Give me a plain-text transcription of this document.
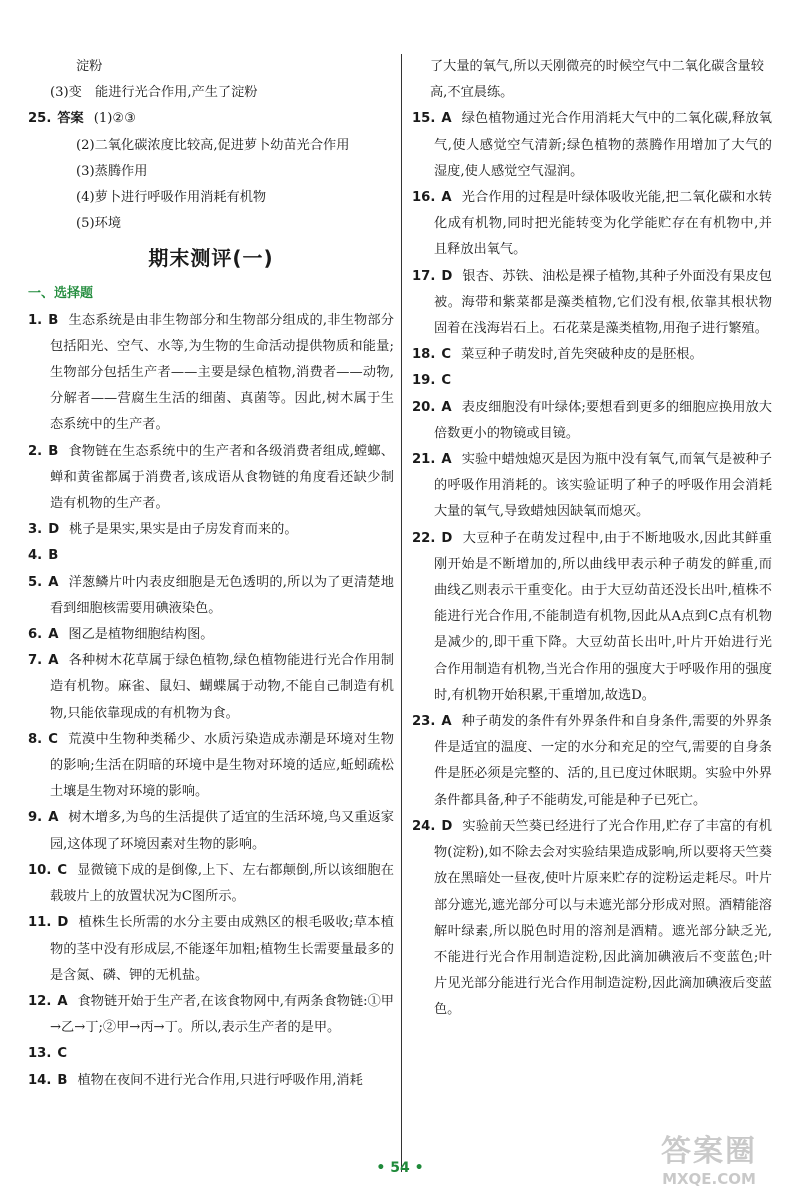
淀粉

(3)变　能进行光合作用,产生了淀粉

25. 答案 (1)②③

(2)二氧化碳浓度比较高,促进萝卜幼苗光合作用

(3)蒸腾作用

(4)萝卜进行呼吸作用消耗有机物

(5)环境

期末测评(一)
一、选择题

1. B 生态系统是由非生物部分和生物部分组成的,非生物部分包括阳光、空气、水等,为生物的生命活动提供物质和能量;生物部分包括生产者——主要是绿色植物,消费者——动物,分解者——营腐生生活的细菌、真菌等。因此,树木属于生态系统中的生产者。

2. B 食物链在生态系统中的生产者和各级消费者组成,螳螂、蝉和黄雀都属于消费者,该成语从食物链的角度看还缺少制造有机物的生产者。

3. D 桃子是果实,果实是由子房发育而来的。

4. B

5. A 洋葱鳞片叶内表皮细胞是无色透明的,所以为了更清楚地看到细胞核需要用碘液染色。

6. A 图乙是植物细胞结构图。

7. A 各种树木花草属于绿色植物,绿色植物能进行光合作用制造有机物。麻雀、鼠妇、蝴蝶属于动物,不能自己制造有机物,只能依靠现成的有机物为食。

8. C 荒漠中生物种类稀少、水质污染造成赤潮是环境对生物的影响;生活在阴暗的环境中是生物对环境的适应,蚯蚓疏松土壤是生物对环境的影响。

9. A 树木增多,为鸟的生活提供了适宜的生活环境,鸟又重返家园,这体现了环境因素对生物的影响。

10. C 显微镜下成的是倒像,上下、左右都颠倒,所以该细胞在载玻片上的放置状况为C图所示。

11. D 植株生长所需的水分主要由成熟区的根毛吸收;草本植物的茎中没有形成层,不能逐年加粗;植物生长需要量最多的是含氮、磷、钾的无机盐。

12. A 食物链开始于生产者,在该食物网中,有两条食物链:①甲→乙→丁;②甲→丙→丁。所以,表示生产者的是甲。

13. C

14. B 植物在夜间不进行光合作用,只进行呼吸作用,消耗

了大量的氧气,所以天刚微亮的时候空气中二氧化碳含量较高,不宜晨练。

15. A 绿色植物通过光合作用消耗大气中的二氧化碳,释放氧气,使人感觉空气清新;绿色植物的蒸腾作用增加了大气的湿度,使人感觉空气湿润。

16. A 光合作用的过程是叶绿体吸收光能,把二氧化碳和水转化成有机物,同时把光能转变为化学能贮存在有机物中,并且释放出氧气。

17. D 银杏、苏铁、油松是裸子植物,其种子外面没有果皮包被。海带和紫菜都是藻类植物,它们没有根,依靠其根状物固着在浅海岩石上。石花菜是藻类植物,用孢子进行繁殖。

18. C 菜豆种子萌发时,首先突破种皮的是胚根。

19. C

20. A 表皮细胞没有叶绿体;要想看到更多的细胞应换用放大倍数更小的物镜或目镜。

21. A 实验中蜡烛熄灭是因为瓶中没有氧气,而氧气是被种子的呼吸作用消耗的。该实验证明了种子的呼吸作用会消耗大量的氧气,导致蜡烛因缺氧而熄灭。

22. D 大豆种子在萌发过程中,由于不断地吸水,因此其鲜重刚开始是不断增加的,所以曲线甲表示种子萌发的鲜重,而曲线乙则表示干重变化。由于大豆幼苗还没长出叶,植株不能进行光合作用,不能制造有机物,因此从A点到C点有机物是减少的,即干重下降。大豆幼苗长出叶,叶片开始进行光合作用制造有机物,当光合作用的强度大于呼吸作用的强度时,有机物开始积累,干重增加,故选D。

23. A 种子萌发的条件有外界条件和自身条件,需要的外界条件是适宜的温度、一定的水分和充足的空气,需要的自身条件是胚必须是完整的、活的,且已度过休眠期。实验中外界条件都具备,种子不能萌发,可能是种子已死亡。

24. D 实验前天竺葵已经进行了光合作用,贮存了丰富的有机物(淀粉),如不除去会对实验结果造成影响,所以要将天竺葵放在黑暗处一昼夜,使叶片原来贮存的淀粉运走耗尽。叶片部分遮光,遮光部分可以与未遮光部分形成对照。酒精能溶解叶绿素,所以脱色时用的溶剂是酒精。遮光部分缺乏光,不能进行光合作用制造淀粉,因此滴加碘液后不变蓝色;叶片见光部分能进行光合作用制造淀粉,因此滴加碘液后变蓝色。

• 54 •	答案圈
MXQE.COM
